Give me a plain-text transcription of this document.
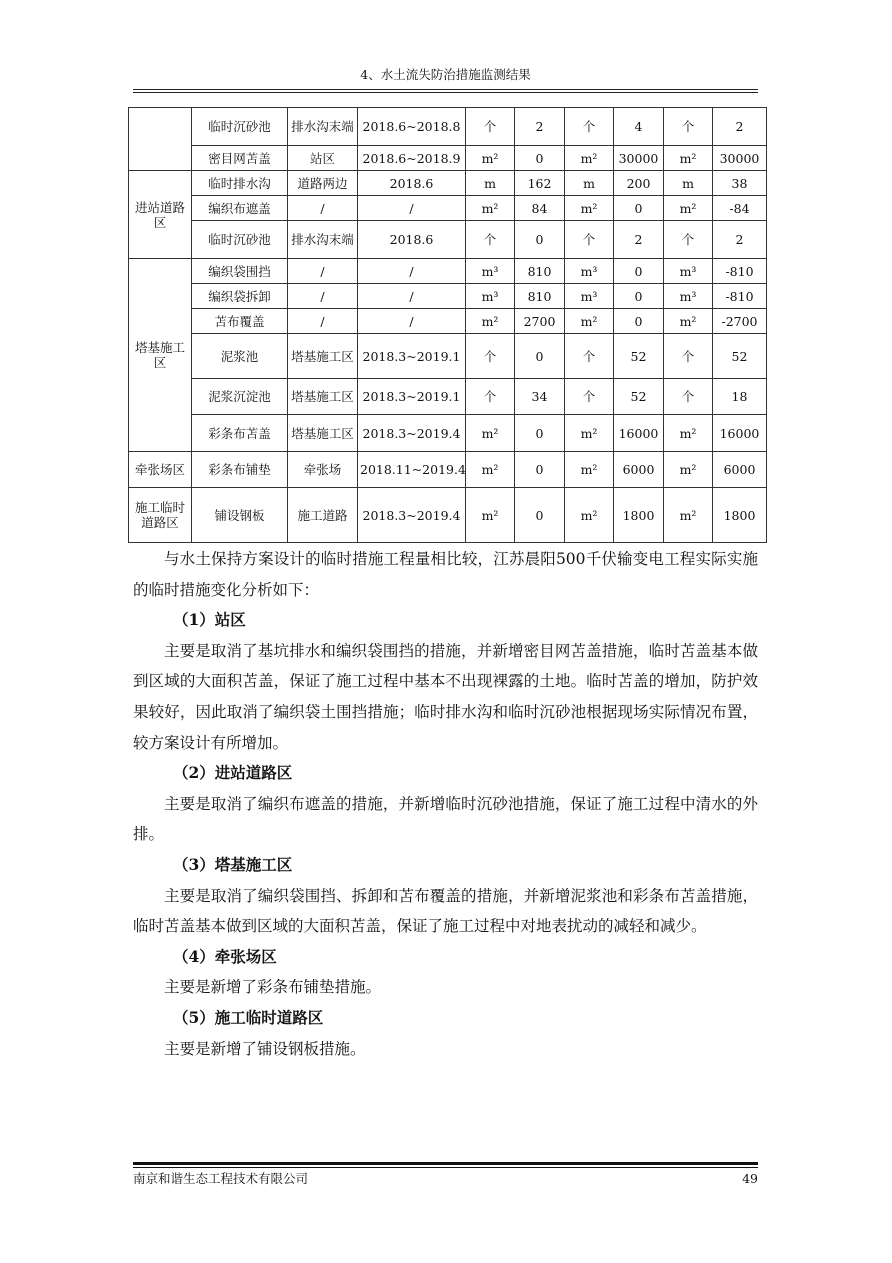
4、水土流失防治措施监测结果
	临时沉砂池	排水沟末端	2018.6~2018.8	个	2	个	4	个	2
	密目网苫盖	站区	2018.6~2018.9	m²	0	m²	30000	m²	30000
进站道路区	临时排水沟	道路两边	2018.6	m	162	m	200	m	38
	编织布遮盖	/	/	m²	84	m²	0	m²	-84
	临时沉砂池	排水沟末端	2018.6	个	0	个	2	个	2
塔基施工区	编织袋围挡	/	/	m³	810	m³	0	m³	-810
	编织袋拆卸	/	/	m³	810	m³	0	m³	-810
	苫布覆盖	/	/	m²	2700	m²	0	m²	-2700
	泥浆池	塔基施工区	2018.3~2019.1	个	0	个	52	个	52
	泥浆沉淀池	塔基施工区	2018.3~2019.1	个	34	个	52	个	18
	彩条布苫盖	塔基施工区	2018.3~2019.4	m²	0	m²	16000	m²	16000
牵张场区	彩条布铺垫	牵张场	2018.11~2019.4	m²	0	m²	6000	m²	6000
施工临时道路区	铺设钢板	施工道路	2018.3~2019.4	m²	0	m²	1800	m²	1800

与水土保持方案设计的临时措施工程量相比较，江苏晨阳500千伏输变电工程实际实施的临时措施变化分析如下：

（1）站区

主要是取消了基坑排水和编织袋围挡的措施，并新增密目网苫盖措施，临时苫盖基本做到区域的大面积苫盖，保证了施工过程中基本不出现裸露的土地。临时苫盖的增加，防护效果较好，因此取消了编织袋土围挡措施；临时排水沟和临时沉砂池根据现场实际情况布置，较方案设计有所增加。

（2）进站道路区

主要是取消了编织布遮盖的措施，并新增临时沉砂池措施，保证了施工过程中清水的外排。

（3）塔基施工区

主要是取消了编织袋围挡、拆卸和苫布覆盖的措施，并新增泥浆池和彩条布苫盖措施，临时苫盖基本做到区域的大面积苫盖，保证了施工过程中对地表扰动的减轻和减少。

（4）牵张场区

主要是新增了彩条布铺垫措施。

（5）施工临时道路区

主要是新增了铺设钢板措施。

南京和谐生态工程技术有限公司	49
